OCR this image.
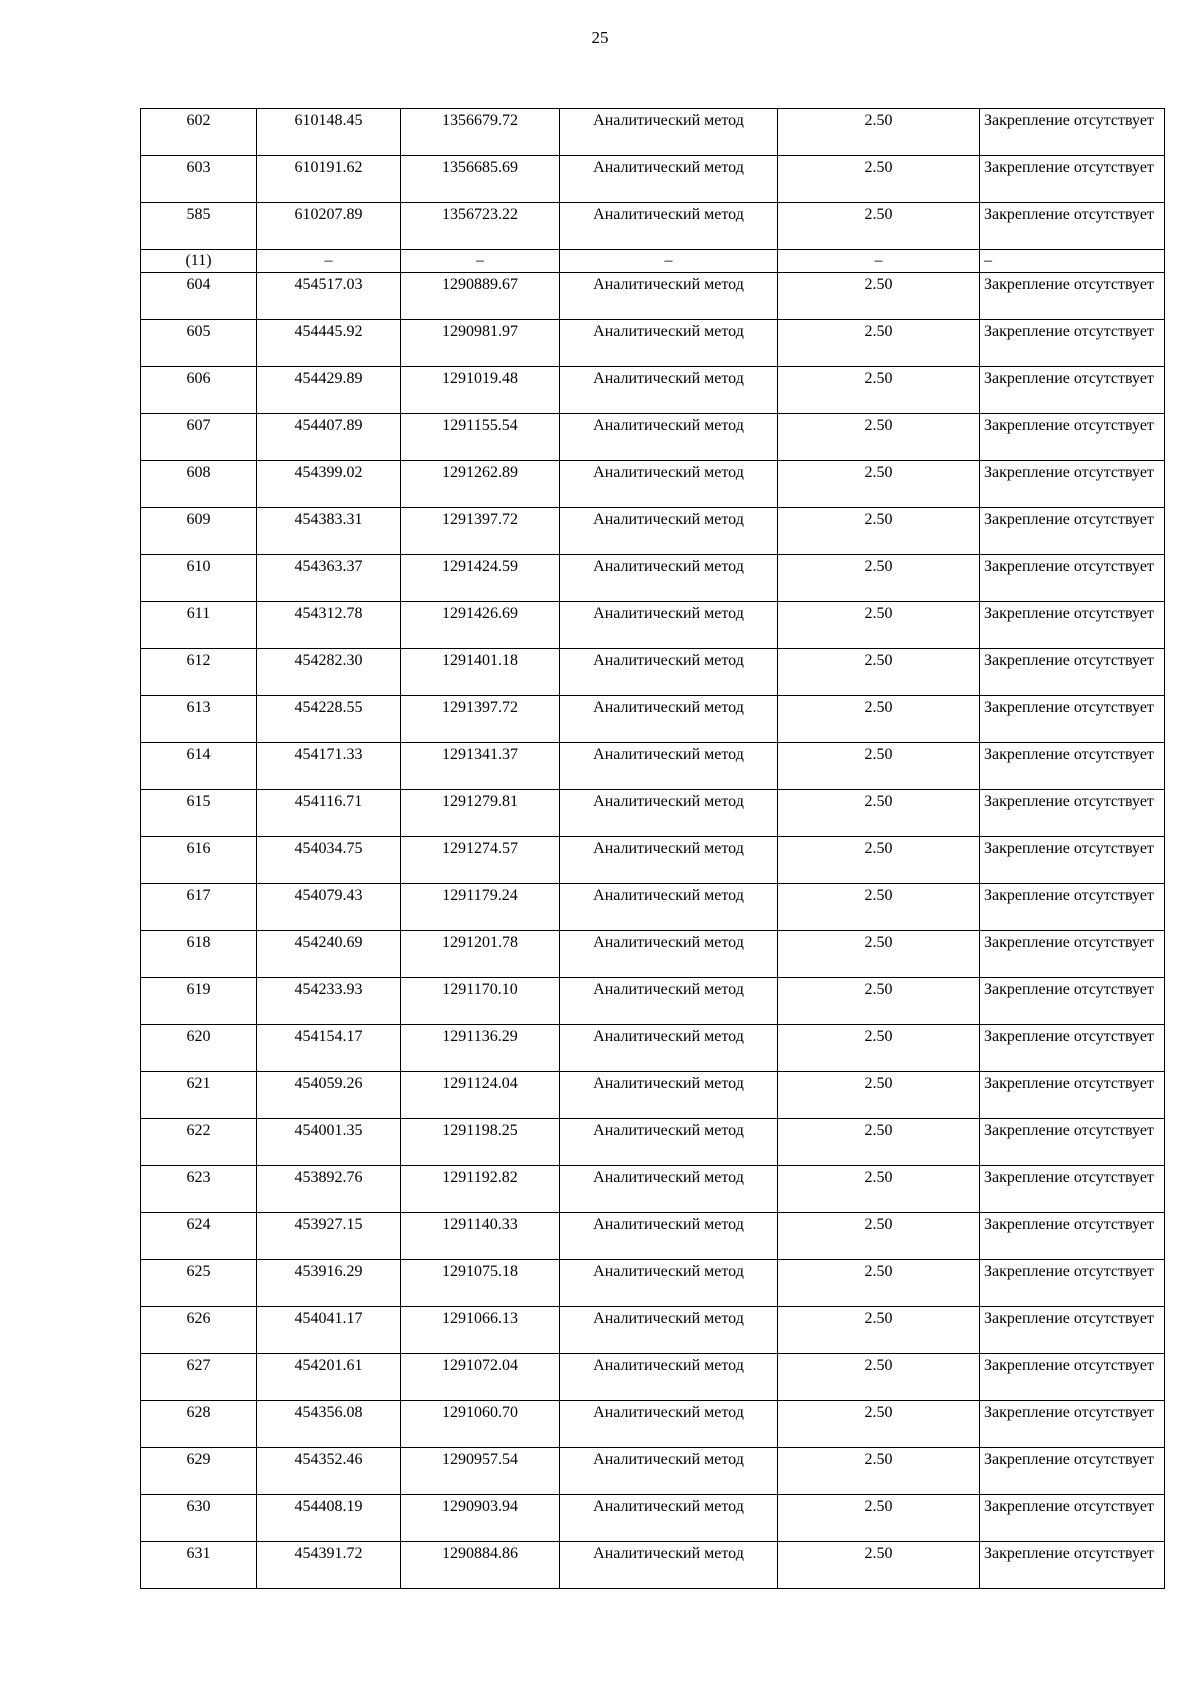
25
602	610148.45	1356679.72	Аналитический метод	2.50	Закрепление отсутствует
603	610191.62	1356685.69	Аналитический метод	2.50	Закрепление отсутствует
585	610207.89	1356723.22	Аналитический метод	2.50	Закрепление отсутствует
(11)	–	–	–	–	–
604	454517.03	1290889.67	Аналитический метод	2.50	Закрепление отсутствует
605	454445.92	1290981.97	Аналитический метод	2.50	Закрепление отсутствует
606	454429.89	1291019.48	Аналитический метод	2.50	Закрепление отсутствует
607	454407.89	1291155.54	Аналитический метод	2.50	Закрепление отсутствует
608	454399.02	1291262.89	Аналитический метод	2.50	Закрепление отсутствует
609	454383.31	1291397.72	Аналитический метод	2.50	Закрепление отсутствует
610	454363.37	1291424.59	Аналитический метод	2.50	Закрепление отсутствует
611	454312.78	1291426.69	Аналитический метод	2.50	Закрепление отсутствует
612	454282.30	1291401.18	Аналитический метод	2.50	Закрепление отсутствует
613	454228.55	1291397.72	Аналитический метод	2.50	Закрепление отсутствует
614	454171.33	1291341.37	Аналитический метод	2.50	Закрепление отсутствует
615	454116.71	1291279.81	Аналитический метод	2.50	Закрепление отсутствует
616	454034.75	1291274.57	Аналитический метод	2.50	Закрепление отсутствует
617	454079.43	1291179.24	Аналитический метод	2.50	Закрепление отсутствует
618	454240.69	1291201.78	Аналитический метод	2.50	Закрепление отсутствует
619	454233.93	1291170.10	Аналитический метод	2.50	Закрепление отсутствует
620	454154.17	1291136.29	Аналитический метод	2.50	Закрепление отсутствует
621	454059.26	1291124.04	Аналитический метод	2.50	Закрепление отсутствует
622	454001.35	1291198.25	Аналитический метод	2.50	Закрепление отсутствует
623	453892.76	1291192.82	Аналитический метод	2.50	Закрепление отсутствует
624	453927.15	1291140.33	Аналитический метод	2.50	Закрепление отсутствует
625	453916.29	1291075.18	Аналитический метод	2.50	Закрепление отсутствует
626	454041.17	1291066.13	Аналитический метод	2.50	Закрепление отсутствует
627	454201.61	1291072.04	Аналитический метод	2.50	Закрепление отсутствует
628	454356.08	1291060.70	Аналитический метод	2.50	Закрепление отсутствует
629	454352.46	1290957.54	Аналитический метод	2.50	Закрепление отсутствует
630	454408.19	1290903.94	Аналитический метод	2.50	Закрепление отсутствует
631	454391.72	1290884.86	Аналитический метод	2.50	Закрепление отсутствует
